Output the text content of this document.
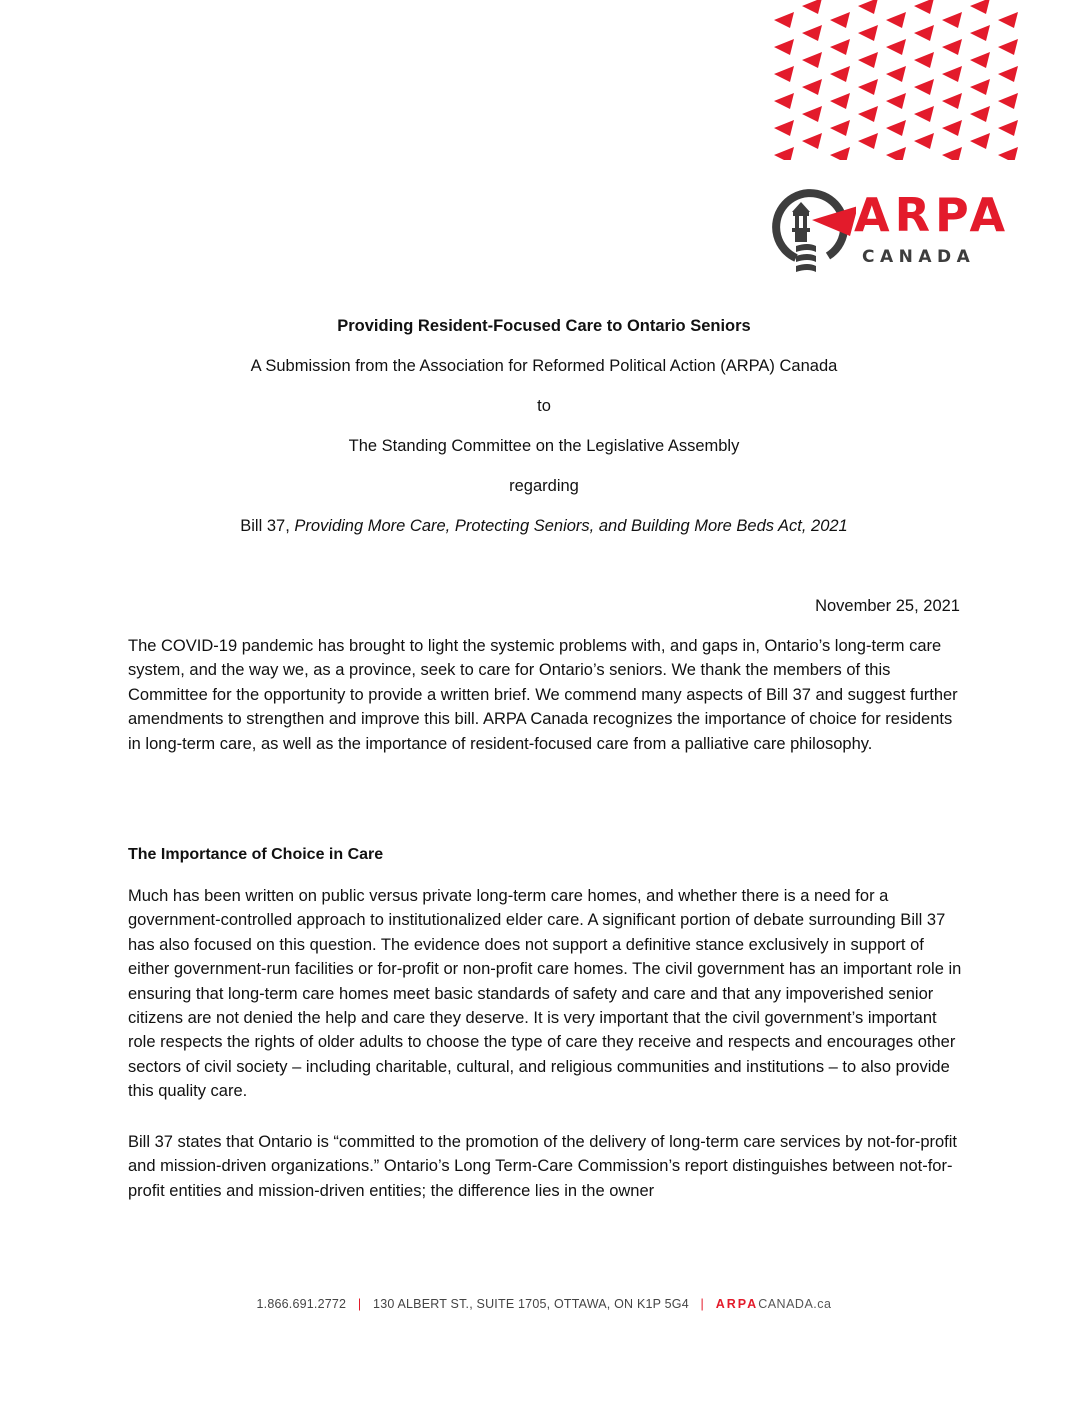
ARPA
CANADA
Providing Resident-Focused Care to Ontario Seniors
A Submission from the Association for Reformed Political Action (ARPA) Canada
to
The Standing Committee on the Legislative Assembly
regarding
Bill 37, Providing More Care, Protecting Seniors, and Building More Beds Act, 2021
November 25, 2021

The COVID-19 pandemic has brought to light the systemic problems with, and gaps in, Ontario’s long-term care system, and the way we, as a province, seek to care for Ontario’s seniors. We thank the members of this Committee for the opportunity to provide a written brief. We commend many aspects of Bill 37 and suggest further amendments to strengthen and improve this bill. ARPA Canada recognizes the importance of choice for residents in long-term care, as well as the importance of resident-focused care from a palliative care philosophy.

The Importance of Choice in Care

Much has been written on public versus private long-term care homes, and whether there is a need for a government-controlled approach to institutionalized elder care. A significant portion of debate surrounding Bill 37 has also focused on this question. The evidence does not support a definitive stance exclusively in support of either government-run facilities or for-profit or non-profit care homes. The civil government has an important role in ensuring that long-term care homes meet basic standards of safety and care and that any impoverished senior citizens are not denied the help and care they deserve. It is very important that the civil government’s important role respects the rights of older adults to choose the type of care they receive and respects and encourages other sectors of civil society – including charitable, cultural, and religious communities and institutions – to also provide this quality care.

Bill 37 states that Ontario is “committed to the promotion of the delivery of long-term care services by not-for-profit and mission-driven organizations.” Ontario’s Long Term-Care Commission’s report distinguishes between not-for-profit entities and mission-driven entities; the difference lies in the owner

1.866.691.2772 | 130 ALBERT ST., SUITE 1705, OTTAWA, ON K1P 5G4 | ARPACANADA.ca
